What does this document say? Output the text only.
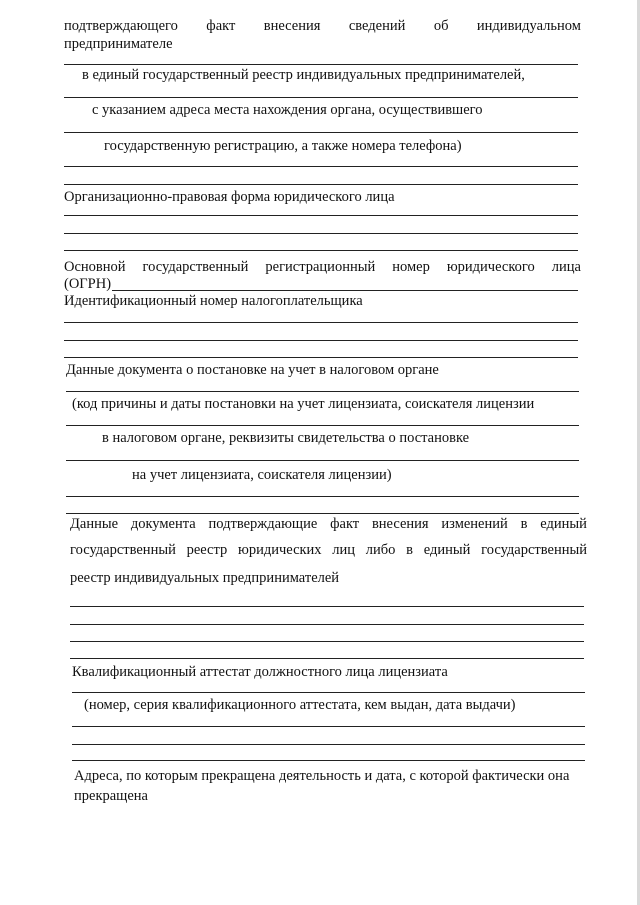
подтверждающего факт внесения сведений об индивидуальном
предпринимателе
в единый государственный реестр индивидуальных предпринимателей,
с указанием адреса места нахождения органа, осуществившего
государственную регистрацию, а также номера телефона)
Организационно-правовая форма юридического лица
Основной государственный регистрационный номер юридического лица
(ОГРН)
Идентификационный номер налогоплательщика
Данные документа о постановке на учет в налоговом органе
(код причины и даты постановки на учет лицензиата, соискателя лицензии
в налоговом органе, реквизиты свидетельства о постановке
на учет лицензиата, соискателя лицензии)
Данные документа подтверждающие факт внесения изменений в единый
государственный реестр юридических лиц либо в единый государственный
реестр индивидуальных предпринимателей
Квалификационный аттестат должностного лица лицензиата
(номер, серия квалификационного аттестата, кем выдан, дата выдачи)
Адреса, по которым прекращена деятельность и дата, с которой фактически она
прекращена
